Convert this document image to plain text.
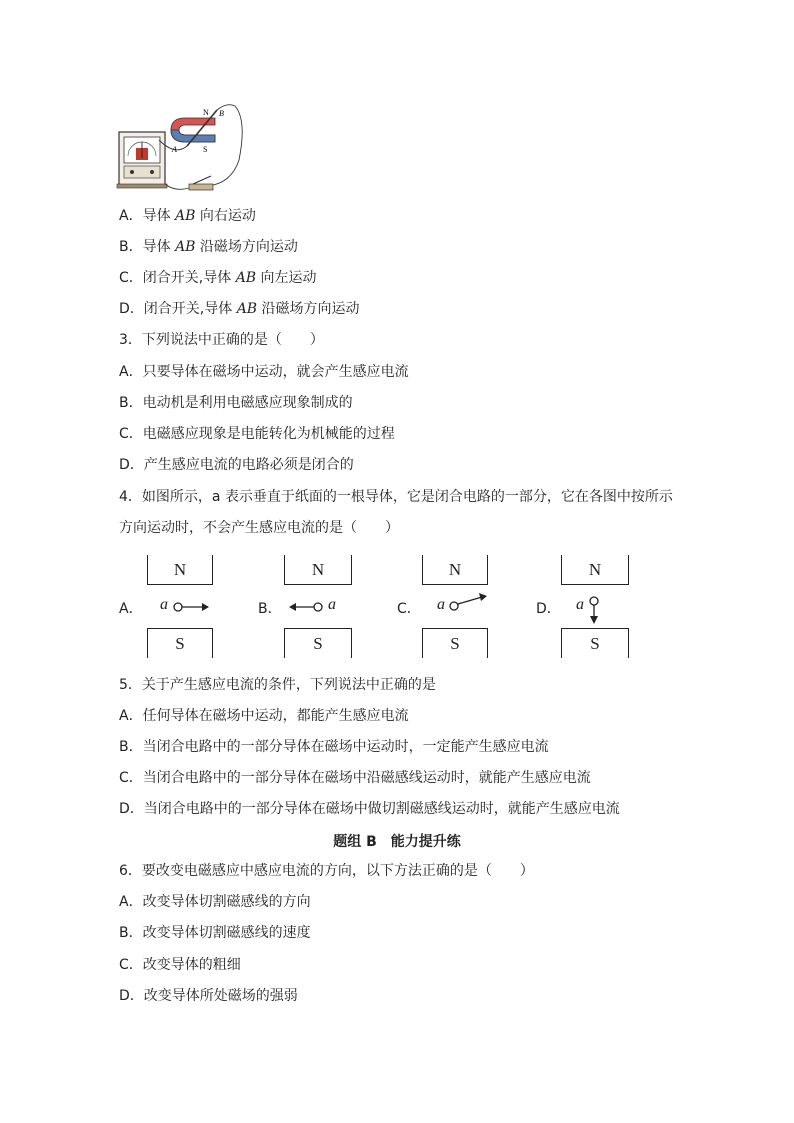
N B
A	S
A．导体 AB 向右运动
B．导体 AB 沿磁场方向运动
C．闭合开关,导体 AB 向左运动
D．闭合开关,导体 AB 沿磁场方向运动
3．下列说法中正确的是（　　）
A．只要导体在磁场中运动，就会产生感应电流
B．电动机是利用电磁感应现象制成的
C．电磁感应现象是电能转化为机械能的过程
D．产生感应电流的电路必须是闭合的
4．如图所示，a 表示垂直于纸面的一根导体，它是闭合电路的一部分，它在各图中按所示
方向运动时，不会产生感应电流的是（　　）
N
S
N
S
N
S
N
S
A．	B．	C．	D．
a	a	a	a
5．关于产生感应电流的条件，下列说法中正确的是
A．任何导体在磁场中运动，都能产生感应电流
B．当闭合电路中的一部分导体在磁场中运动时，一定能产生感应电流
C．当闭合电路中的一部分导体在磁场中沿磁感线运动时，就能产生感应电流
D．当闭合电路中的一部分导体在磁场中做切割磁感线运动时，就能产生感应电流
题组 B　能力提升练
6．要改变电磁感应中感应电流的方向，以下方法正确的是（　　）
A．改变导体切割磁感线的方向
B．改变导体切割磁感线的速度
C．改变导体的粗细
D．改变导体所处磁场的强弱
